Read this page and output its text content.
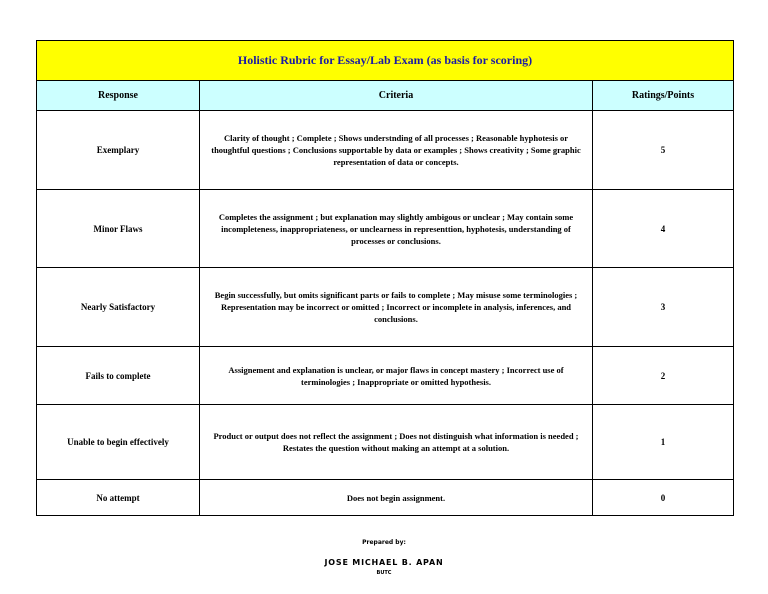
Holistic Rubric for Essay/Lab Exam (as basis for scoring)		
Response	Criteria	Ratings/Points
Exemplary	Clarity of thought ; Complete ; Shows understnding of all processes ; Reasonable hyphotesis or thoughtful questions ; Conclusions supportable by data or examples ; Shows creativity ; Some graphic representation of data or concepts.	5
Minor Flaws	Completes the assignment ; but explanation may slightly ambigous or unclear ; May contain some incompleteness, inappropriateness, or unclearness in representtion, hyphotesis, understanding of processes or conclusions.	4
Nearly Satisfactory	Begin successfully, but omits significant parts or fails to complete ; May misuse some terminologies ; Representation may be incorrect or omitted ; Incorrect or incomplete in analysis, inferences, and conclusions.	3
Fails to complete	Assignement and explanation is unclear, or major flaws in concept mastery ; Incorrect use of terminologies ; Inappropriate or omitted hypothesis.	2
Unable to begin effectively	Product or output does not reflect the assignment ; Does not distinguish what information is needed ; Restates the question without making an attempt at a solution.	1
No attempt	Does not begin assignment.	0
Prepared by:
JOSE MICHAEL B. APAN
BUTC
